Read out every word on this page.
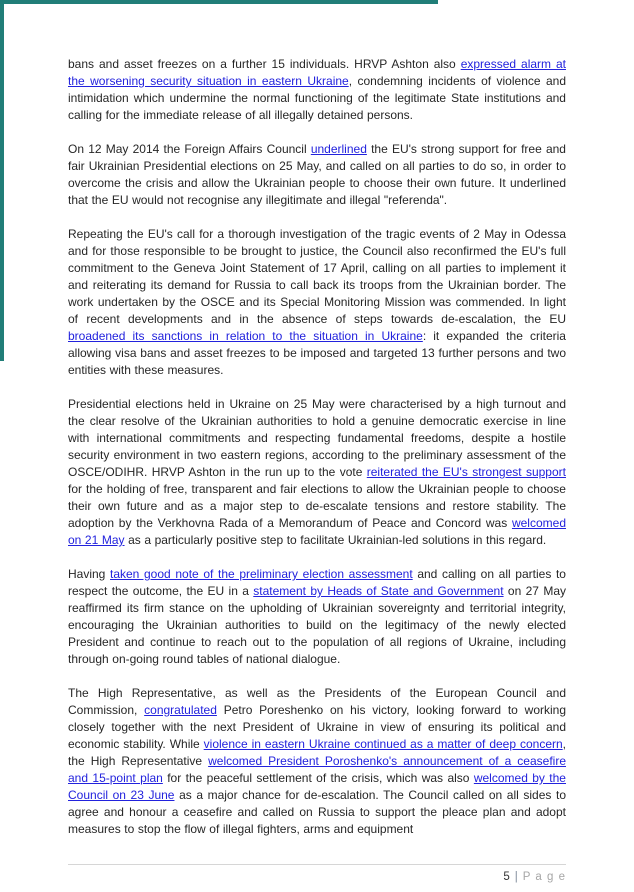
bans and asset freezes on a further 15 individuals. HRVP Ashton also expressed alarm at the worsening security situation in eastern Ukraine, condemning incidents of violence and intimidation which undermine the normal functioning of the legitimate State institutions and calling for the immediate release of all illegally detained persons.

On 12 May 2014 the Foreign Affairs Council underlined the EU's strong support for free and fair Ukrainian Presidential elections on 25 May, and called on all parties to do so, in order to overcome the crisis and allow the Ukrainian people to choose their own future. It underlined that the EU would not recognise any illegitimate and illegal "referenda".

Repeating the EU's call for a thorough investigation of the tragic events of 2 May in Odessa and for those responsible to be brought to justice, the Council also reconfirmed the EU's full commitment to the Geneva Joint Statement of 17 April, calling on all parties to implement it and reiterating its demand for Russia to call back its troops from the Ukrainian border. The work undertaken by the OSCE and its Special Monitoring Mission was commended. In light of recent developments and in the absence of steps towards de-escalation, the EU broadened its sanctions in relation to the situation in Ukraine: it expanded the criteria allowing visa bans and asset freezes to be imposed and targeted 13 further persons and two entities with these measures.

Presidential elections held in Ukraine on 25 May were characterised by a high turnout and the clear resolve of the Ukrainian authorities to hold a genuine democratic exercise in line with international commitments and respecting fundamental freedoms, despite a hostile security environment in two eastern regions, according to the preliminary assessment of the OSCE/ODIHR. HRVP Ashton in the run up to the vote reiterated the EU's strongest support for the holding of free, transparent and fair elections to allow the Ukrainian people to choose their own future and as a major step to de-escalate tensions and restore stability. The adoption by the Verkhovna Rada of a Memorandum of Peace and Concord was welcomed on 21 May as a particularly positive step to facilitate Ukrainian-led solutions in this regard.

Having taken good note of the preliminary election assessment and calling on all parties to respect the outcome, the EU in a statement by Heads of State and Government on 27 May reaffirmed its firm stance on the upholding of Ukrainian sovereignty and territorial integrity, encouraging the Ukrainian authorities to build on the legitimacy of the newly elected President and continue to reach out to the population of all regions of Ukraine, including through on-going round tables of national dialogue.

The High Representative, as well as the Presidents of the European Council and Commission, congratulated Petro Poreshenko on his victory, looking forward to working closely together with the next President of Ukraine in view of ensuring its political and economic stability. While violence in eastern Ukraine continued as a matter of deep concern, the High Representative welcomed President Poroshenko's announcement of a ceasefire and 15-point plan for the peaceful settlement of the crisis, which was also welcomed by the Council on 23 June as a major chance for de-escalation. The Council called on all sides to agree and honour a ceasefire and called on Russia to support the pleace plan and adopt measures to stop the flow of illegal fighters, arms and equipment

5 | P a g e
